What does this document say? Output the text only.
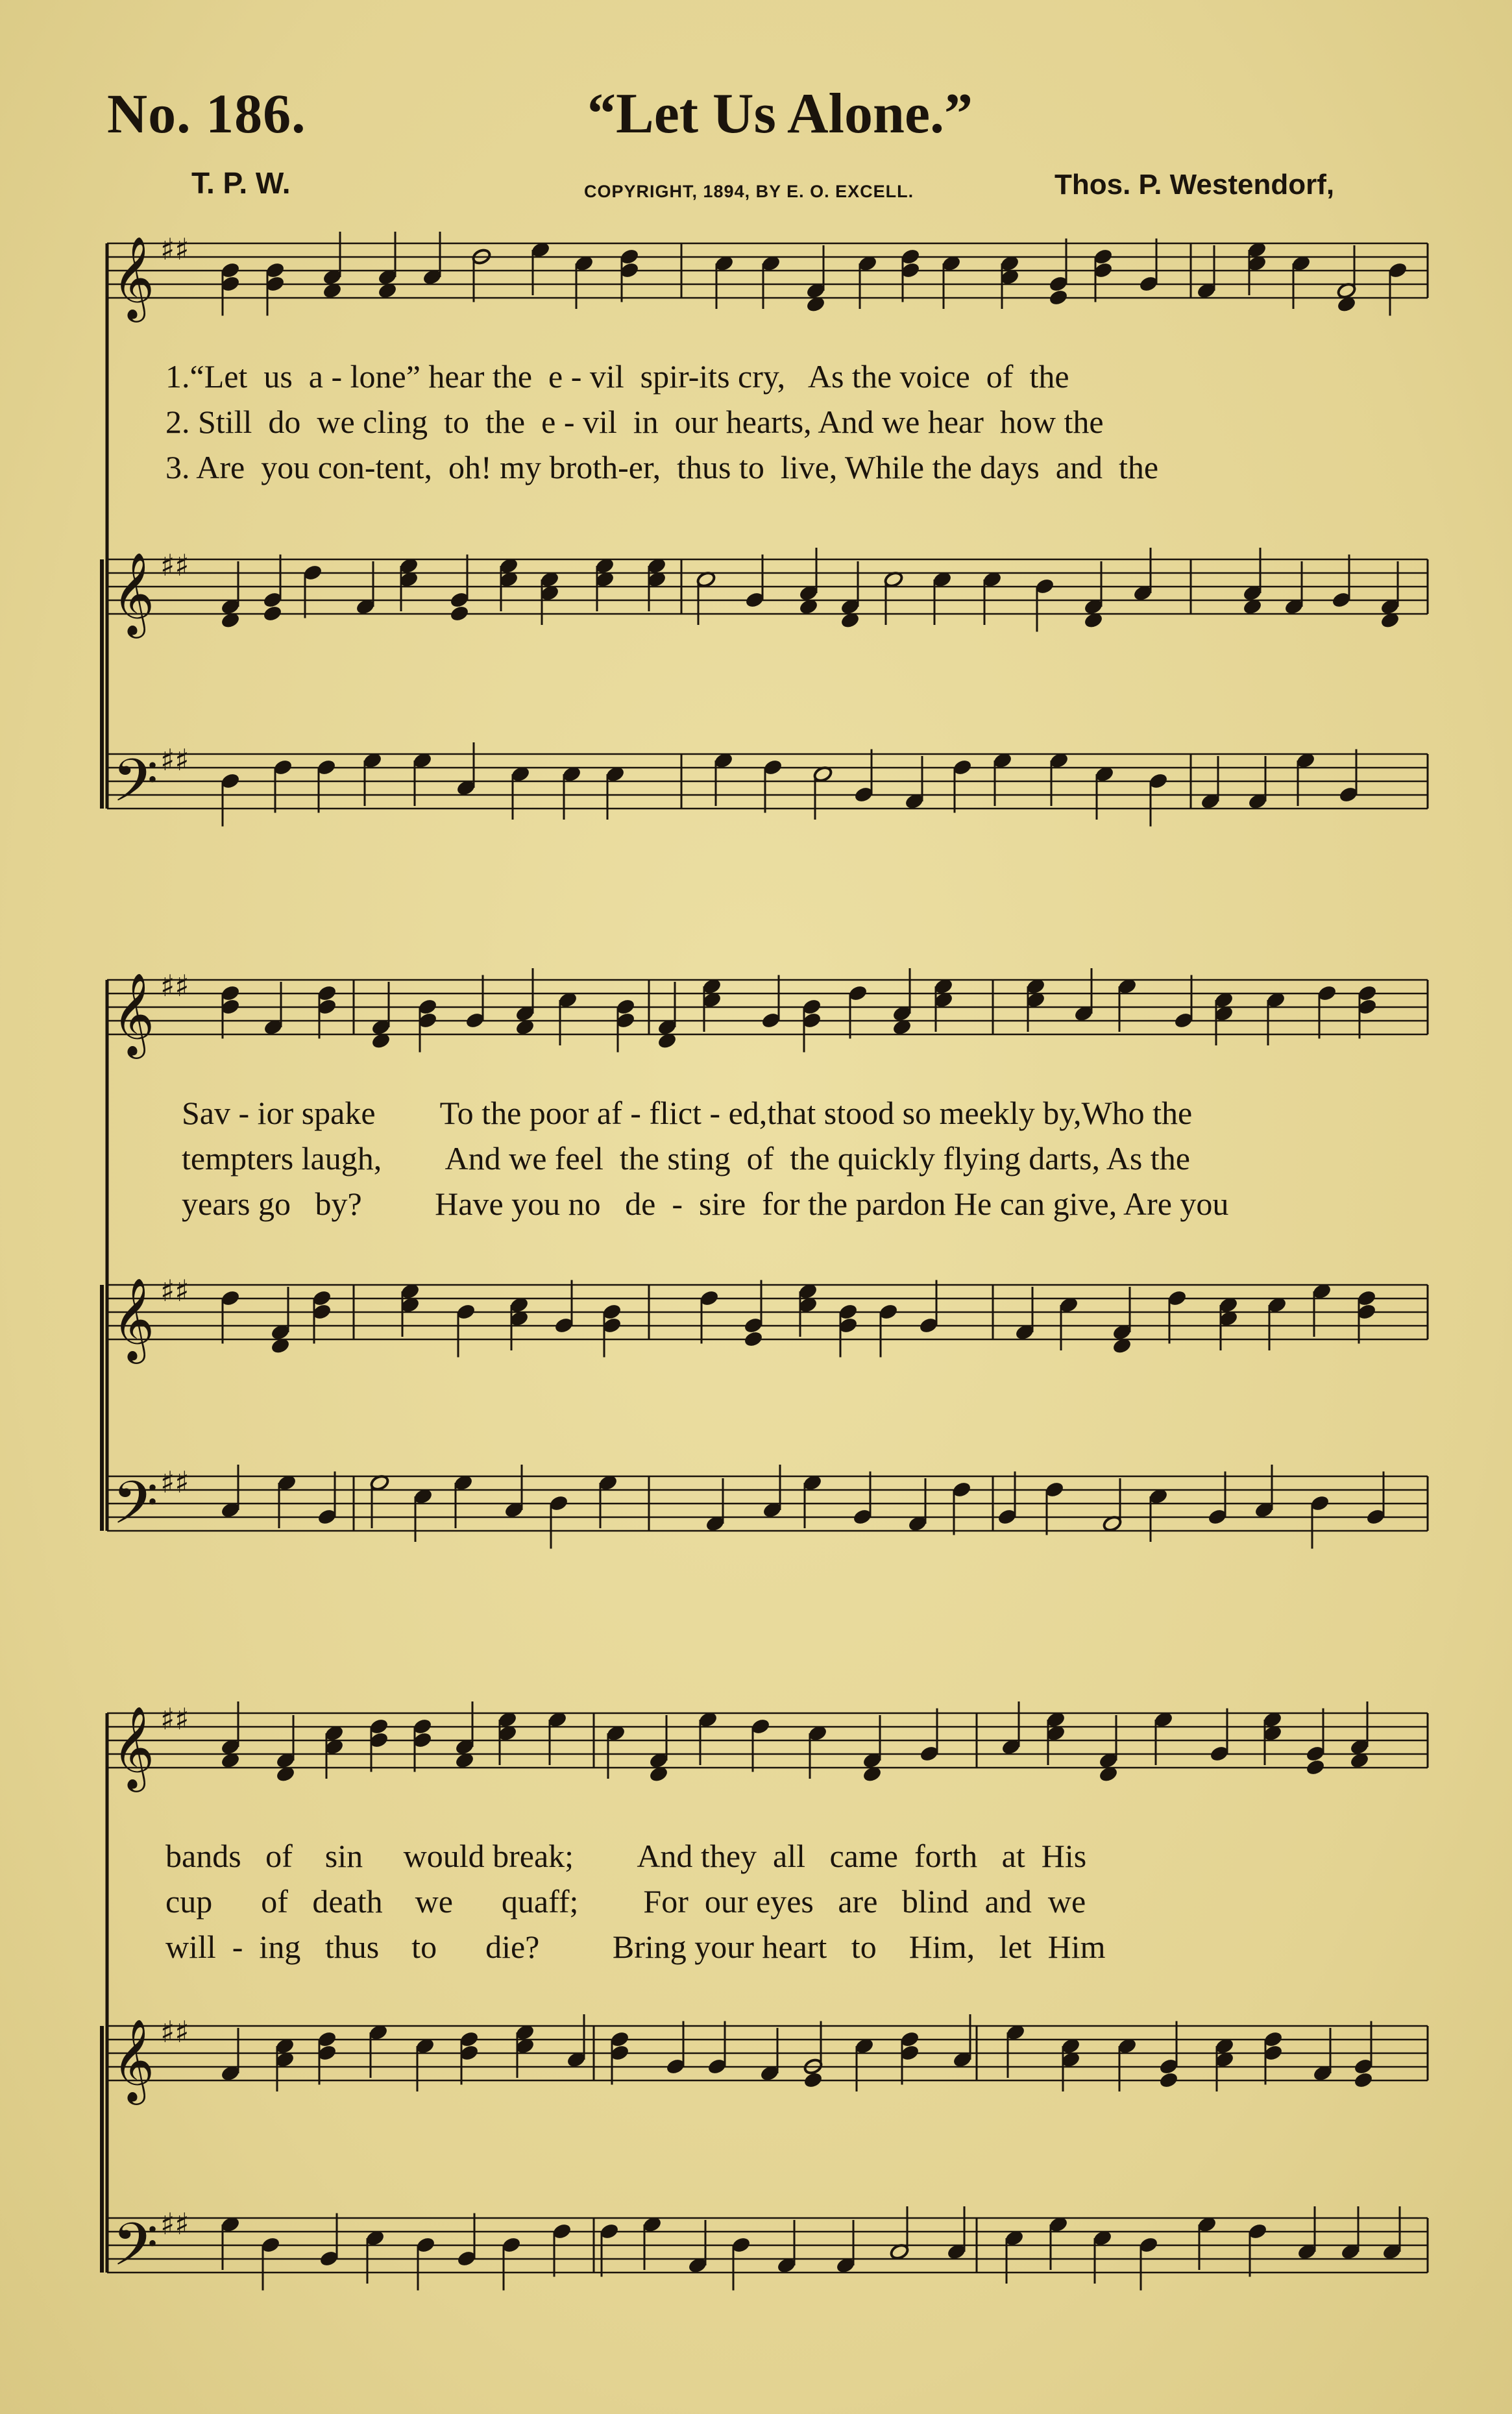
No. 186.	“Let Us Alone.”
T. P. W.	COPYRIGHT, 1894, BY E. O. EXCELL.	Thos. P. Westendorf,
𝄞 ♯♯
𝄞 ♯♯
𝄢 ♯♯
𝄞 ♯♯
𝄞 ♯♯
𝄢 ♯♯
𝄞 ♯♯
𝄞 ♯♯
𝄢 ♯♯
1.“Let  us  a - lone” hear the  e - vil  spir-its cry,   As the voice  of  the
2. Still  do  we cling  to  the  e - vil  in  our hearts, And we hear  how the
3. Are  you con-tent,  oh! my broth-er,  thus to  live, While the days  and  the
Sav - ior spake        To the poor af - flict - ed,that stood so meekly by,Who the
tempters laugh,        And we feel  the sting  of  the quickly flying darts, As the
years go   by?         Have you no   de  -  sire  for the pardon He can give, Are you
bands   of    sin     would break;        And they  all   came  forth   at  His
cup      of   death    we      quaff;        For  our eyes   are   blind  and  we
will  -  ing   thus    to      die?         Bring your heart   to    Him,   let  Him
